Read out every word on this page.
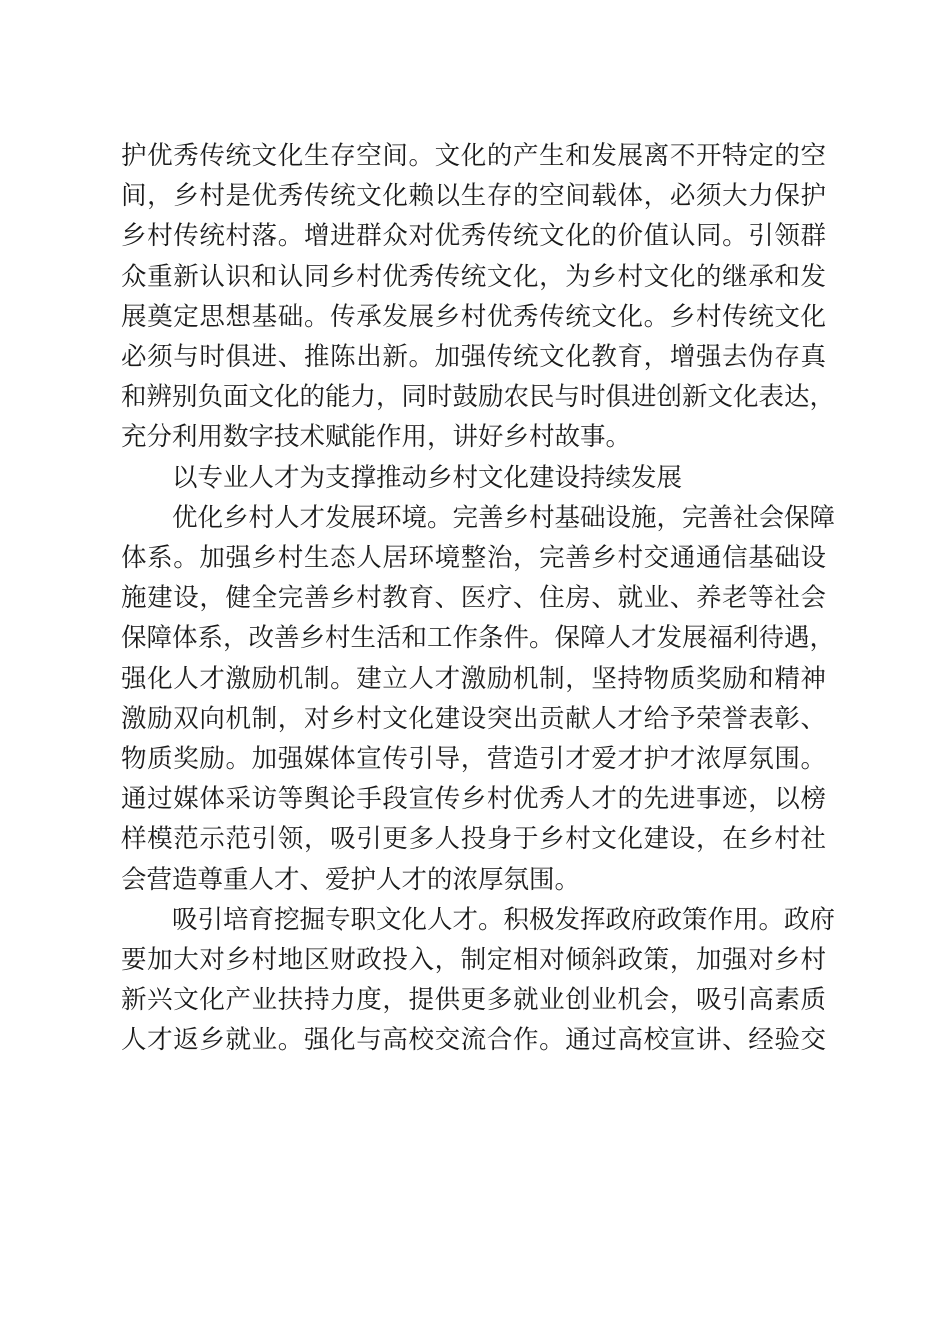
护优秀传统文化生存空间。文化的产生和发展离不开特定的空
间，乡村是优秀传统文化赖以生存的空间载体，必须大力保护
乡村传统村落。增进群众对优秀传统文化的价值认同。引领群
众重新认识和认同乡村优秀传统文化，为乡村文化的继承和发
展奠定思想基础。传承发展乡村优秀传统文化。乡村传统文化
必须与时俱进、推陈出新。加强传统文化教育，增强去伪存真
和辨别负面文化的能力，同时鼓励农民与时俱进创新文化表达，
充分利用数字技术赋能作用，讲好乡村故事。
以专业人才为支撑推动乡村文化建设持续发展
优化乡村人才发展环境。完善乡村基础设施，完善社会保障
体系。加强乡村生态人居环境整治，完善乡村交通通信基础设
施建设，健全完善乡村教育、医疗、住房、就业、养老等社会
保障体系，改善乡村生活和工作条件。保障人才发展福利待遇，
强化人才激励机制。建立人才激励机制，坚持物质奖励和精神
激励双向机制，对乡村文化建设突出贡献人才给予荣誉表彰、
物质奖励。加强媒体宣传引导，营造引才爱才护才浓厚氛围。
通过媒体采访等舆论手段宣传乡村优秀人才的先进事迹，以榜
样模范示范引领，吸引更多人投身于乡村文化建设，在乡村社
会营造尊重人才、爱护人才的浓厚氛围。
吸引培育挖掘专职文化人才。积极发挥政府政策作用。政府
要加大对乡村地区财政投入，制定相对倾斜政策，加强对乡村
新兴文化产业扶持力度，提供更多就业创业机会，吸引高素质
人才返乡就业。强化与高校交流合作。通过高校宣讲、经验交
